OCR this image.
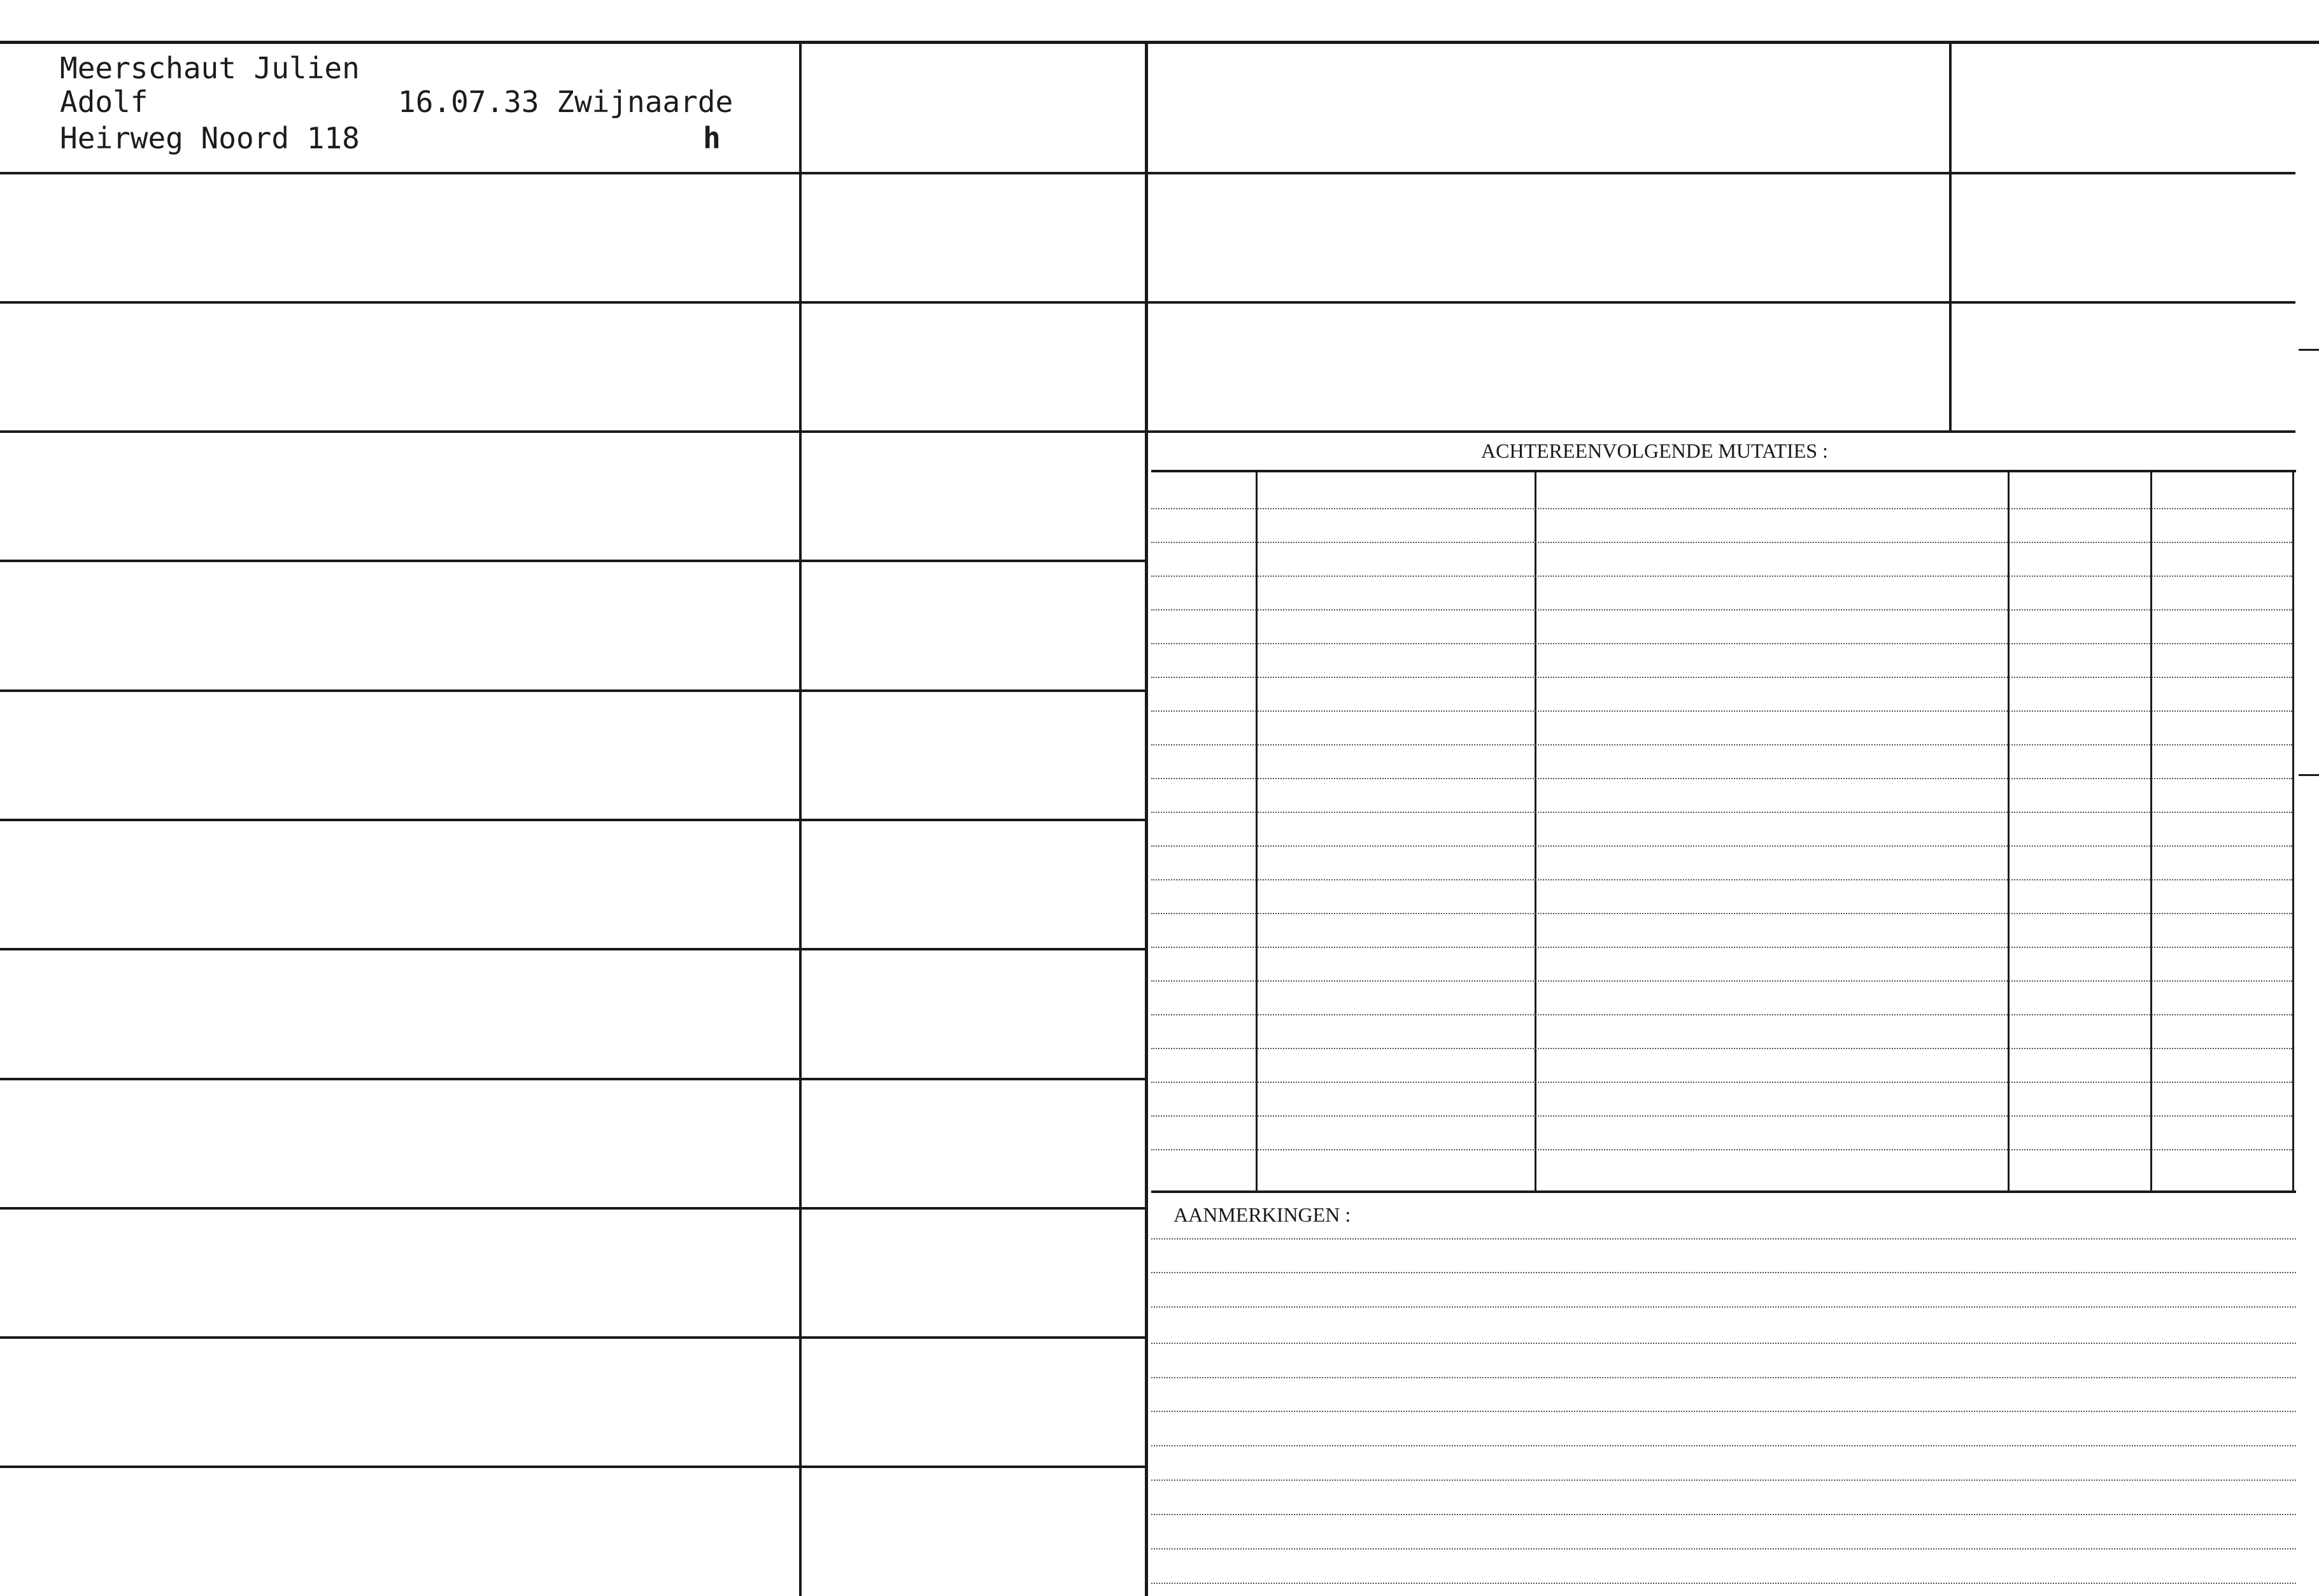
ACHTEREENVOLGENDE MUTATIES :
AANMERKINGEN :
Meerschaut Julien
Adolf	16.07.33 Zwijnaarde
Heirweg Noord 118	h
